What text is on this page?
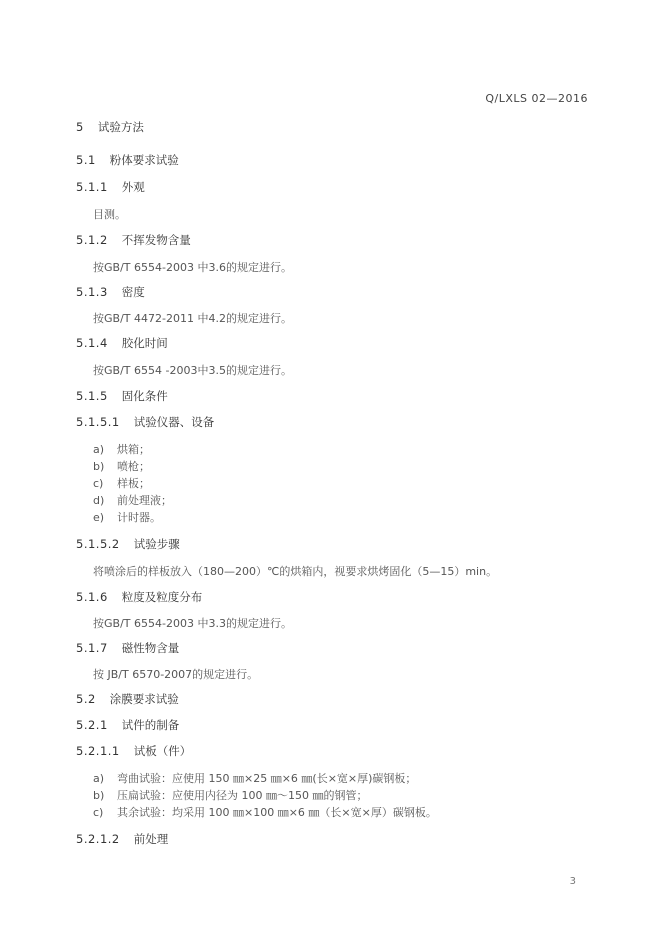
Q/LXLS 02—2016
5 试验方法
5.1 粉体要求试验
5.1.1 外观
目测。
5.1.2 不挥发物含量
按GB/T 6554-2003 中3.6的规定进行。
5.1.3 密度
按GB/T 4472-2011 中4.2的规定进行。
5.1.4 胶化时间
按GB/T 6554 -2003中3.5的规定进行。
5.1.5 固化条件
5.1.5.1 试验仪器、设备
a) 烘箱；
b) 喷枪；
c) 样板；
d) 前处理液；
e) 计时器。
5.1.5.2 试验步骤
将喷涂后的样板放入（180—200）℃的烘箱内，视要求烘烤固化（5—15）min。
5.1.6 粒度及粒度分布
按GB/T 6554-2003 中3.3的规定进行。
5.1.7 磁性物含量
按 JB/T 6570-2007的规定进行。
5.2 涂膜要求试验
5.2.1 试件的制备
5.2.1.1 试板（件）
a) 弯曲试验：应使用 150 ㎜×25 ㎜×6 ㎜(长×宽×厚)碳钢板；
b) 压扁试验：应使用内径为 100 ㎜～150 ㎜的钢管；
c) 其余试验：均采用 100 ㎜×100 ㎜×6 ㎜（长×宽×厚）碳钢板。
5.2.1.2 前处理
3
